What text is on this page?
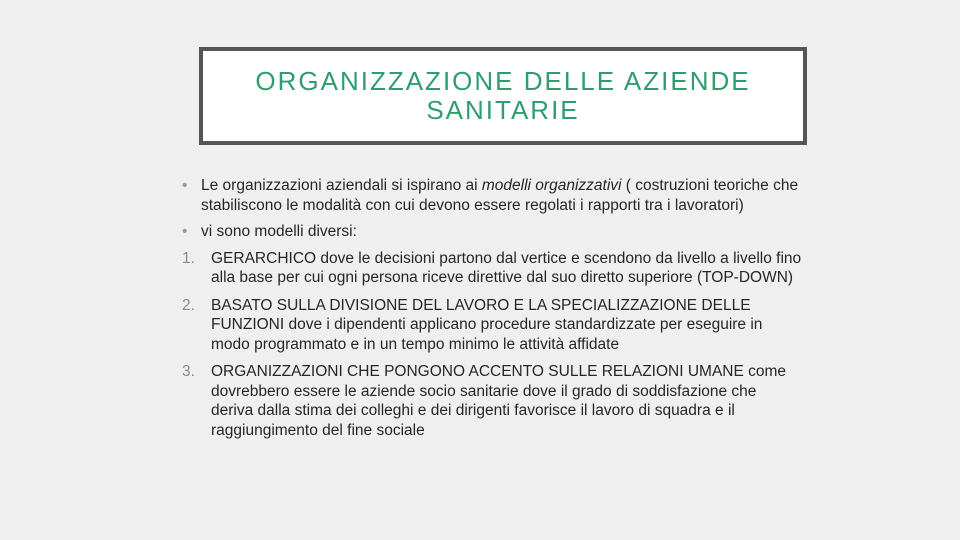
ORGANIZZAZIONE DELLE AZIENDE
SANITARIE
• Le organizzazioni aziendali si ispirano ai modelli organizzativi ( costruzioni teoriche che stabiliscono le modalità con cui devono essere regolati i rapporti tra i lavoratori)
• vi sono modelli diversi:
1. GERARCHICO dove le decisioni partono dal vertice e scendono da livello a livello fino alla base per cui ogni persona riceve direttive dal suo diretto superiore (TOP-DOWN)
2. BASATO SULLA DIVISIONE DEL LAVORO E LA SPECIALIZZAZIONE DELLE FUNZIONI dove i dipendenti applicano procedure standardizzate per eseguire in modo programmato e in un tempo minimo le attività affidate
3. ORGANIZZAZIONI CHE PONGONO ACCENTO SULLE RELAZIONI UMANE come dovrebbero essere le aziende socio sanitarie dove il grado di soddisfazione che deriva dalla stima dei colleghi e dei dirigenti favorisce il lavoro di squadra e il raggiungimento del fine sociale
